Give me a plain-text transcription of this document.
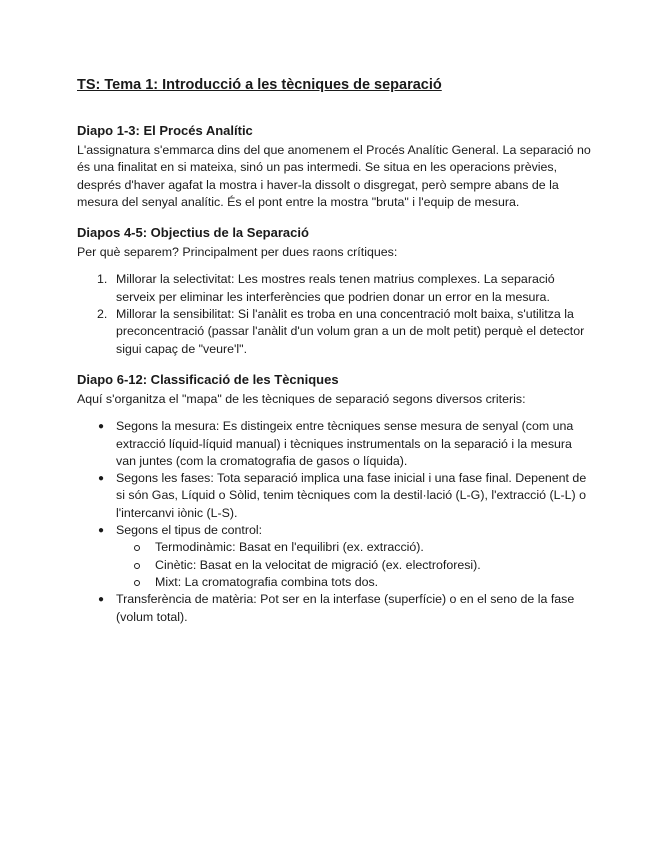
TS: Tema 1: Introducció a les tècniques de separació
Diapo 1-3: El Procés Analític

L'assignatura s'emmarca dins del que anomenem el Procés Analític General. La separació no és una finalitat en si mateixa, sinó un pas intermedi. Se situa en les operacions prèvies, després d'haver agafat la mostra i haver-la dissolt o disgregat, però sempre abans de la mesura del senyal analític. És el pont entre la mostra "bruta" i l'equip de mesura.

Diapos 4-5: Objectius de la Separació

Per què separem? Principalment per dues raons crítiques:

1. Millorar la selectivitat: Les mostres reals tenen matrius complexes. La separació serveix per eliminar les interferències que podrien donar un error en la mesura.
2. Millorar la sensibilitat: Si l'anàlit es troba en una concentració molt baixa, s'utilitza la preconcentració (passar l'anàlit d'un volum gran a un de molt petit) perquè el detector sigui capaç de "veure'l".
Diapo 6-12: Classificació de les Tècniques

Aquí s'organitza el "mapa" de les tècniques de separació segons diversos criteris:

● Segons la mesura: Es distingeix entre tècniques sense mesura de senyal (com una extracció líquid-líquid manual) i tècniques instrumentals on la separació i la mesura van juntes (com la cromatografia de gasos o líquida).
● Segons les fases: Tota separació implica una fase inicial i una fase final. Depenent de si són Gas, Líquid o Sòlid, tenim tècniques com la destil·lació (L-G), l'extracció (L-L) o l'intercanvi iònic (L-S).
● Segons el tipus de control:
Termodinàmic: Basat en l'equilibri (ex. extracció).
Cinètic: Basat en la velocitat de migració (ex. electroforesi).
Mixt: La cromatografia combina tots dos.
● Transferència de matèria: Pot ser en la interfase (superfície) o en el seno de la fase (volum total).
